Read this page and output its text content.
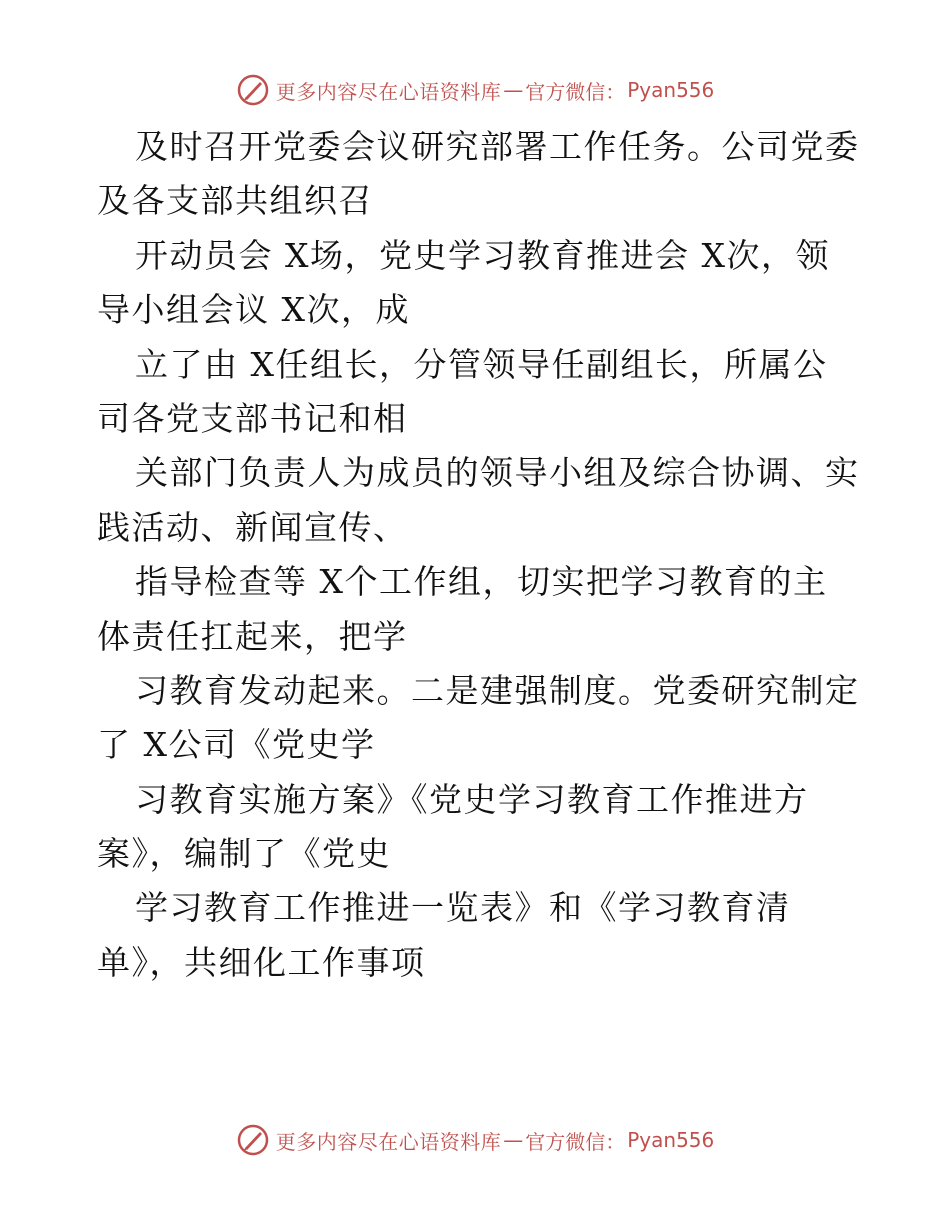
更多内容尽在心语资料库 — 官方微信： Pyan556
及时召开党委会议研究部署工作任务。公司党委
及各支部共组织召
开动员会 X场，党史学习教育推进会 X次，领
导小组会议 X次，成
立了由 X任组长，分管领导任副组长，所属公
司各党支部书记和相
关部门负责人为成员的领导小组及综合协调、实
践活动、新闻宣传、
指导检查等 X个工作组，切实把学习教育的主
体责任扛起来，把学
习教育发动起来。二是建强制度。党委研究制定
了 X公司《党史学
习教育实施方案》《党史学习教育工作推进方
案》，编制了《党史
学习教育工作推进一览表》和《学习教育清
单》，共细化工作事项
更多内容尽在心语资料库 — 官方微信： Pyan556
